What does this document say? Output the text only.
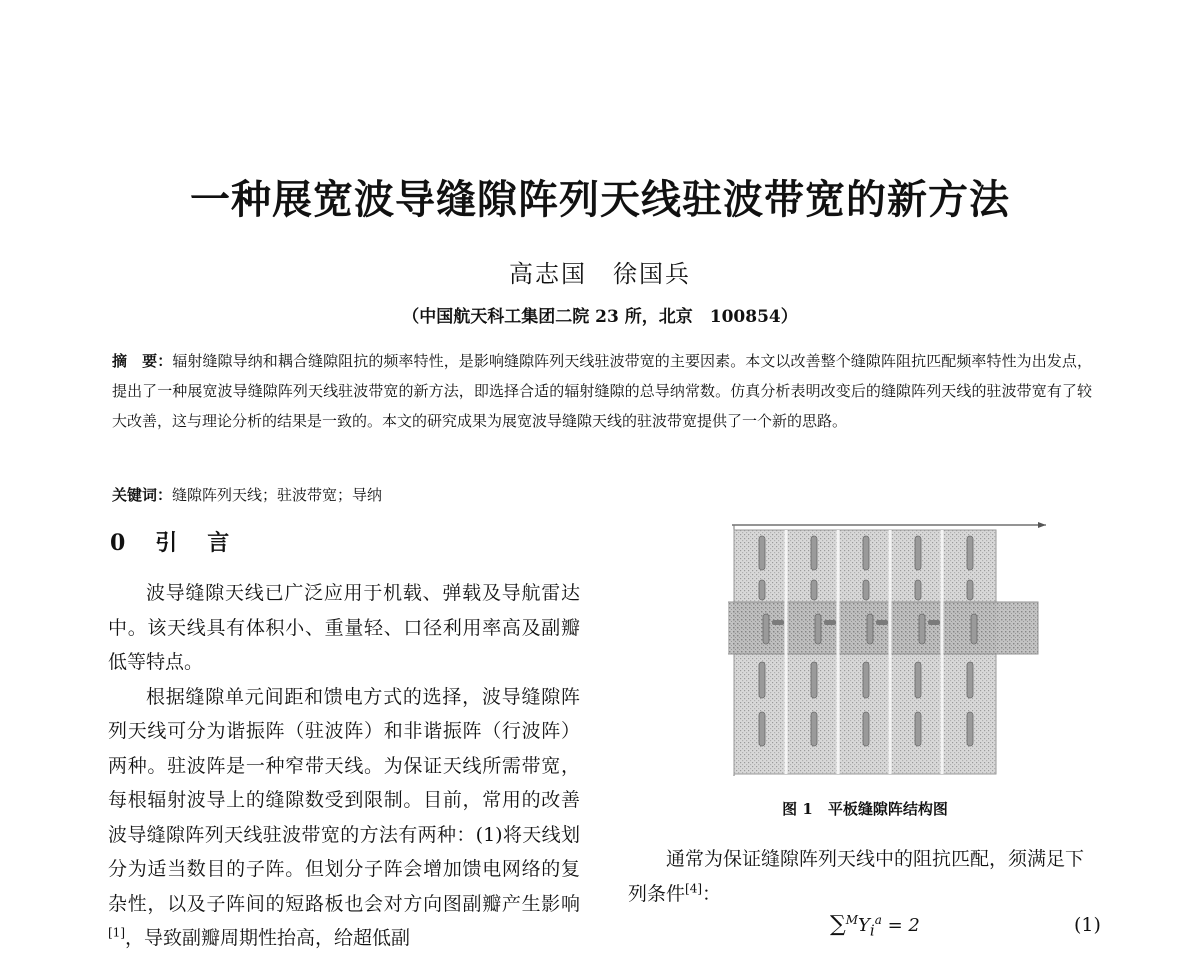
一种展宽波导缝隙阵列天线驻波带宽的新方法
高志国　徐国兵
（中国航天科工集团二院 23 所，北京　100854）
摘　要：辐射缝隙导纳和耦合缝隙阻抗的频率特性，是影响缝隙阵列天线驻波带宽的主要因素。本文以改善整个缝隙阵阻抗匹配频率特性为出发点，提出了一种展宽波导缝隙阵列天线驻波带宽的新方法，即选择合适的辐射缝隙的总导纳常数。仿真分析表明改变后的缝隙阵列天线的驻波带宽有了较大改善，这与理论分析的结果是一致的。本文的研究成果为展宽波导缝隙天线的驻波带宽提供了一个新的思路。
关键词：缝隙阵列天线；驻波带宽；导纳
0　引　言

波导缝隙天线已广泛应用于机载、弹载及导航雷达中。该天线具有体积小、重量轻、口径利用率高及副瓣低等特点。

根据缝隙单元间距和馈电方式的选择，波导缝隙阵列天线可分为谐振阵（驻波阵）和非谐振阵（行波阵）两种。驻波阵是一种窄带天线。为保证天线所需带宽，每根辐射波导上的缝隙数受到限制。目前，常用的改善波导缝隙阵列天线驻波带宽的方法有两种：(1)将天线划分为适当数目的子阵。但划分子阵会增加馈电网络的复杂性，以及子阵间的短路板也会对方向图副瓣产生影响[1]，导致副瓣周期性抬高，给超低副

图 1　平板缝隙阵结构图

通常为保证缝隙阵列天线中的阻抗匹配，须满足下列条件[4]：

$\sum^MY_i^a = 2$	(1)
